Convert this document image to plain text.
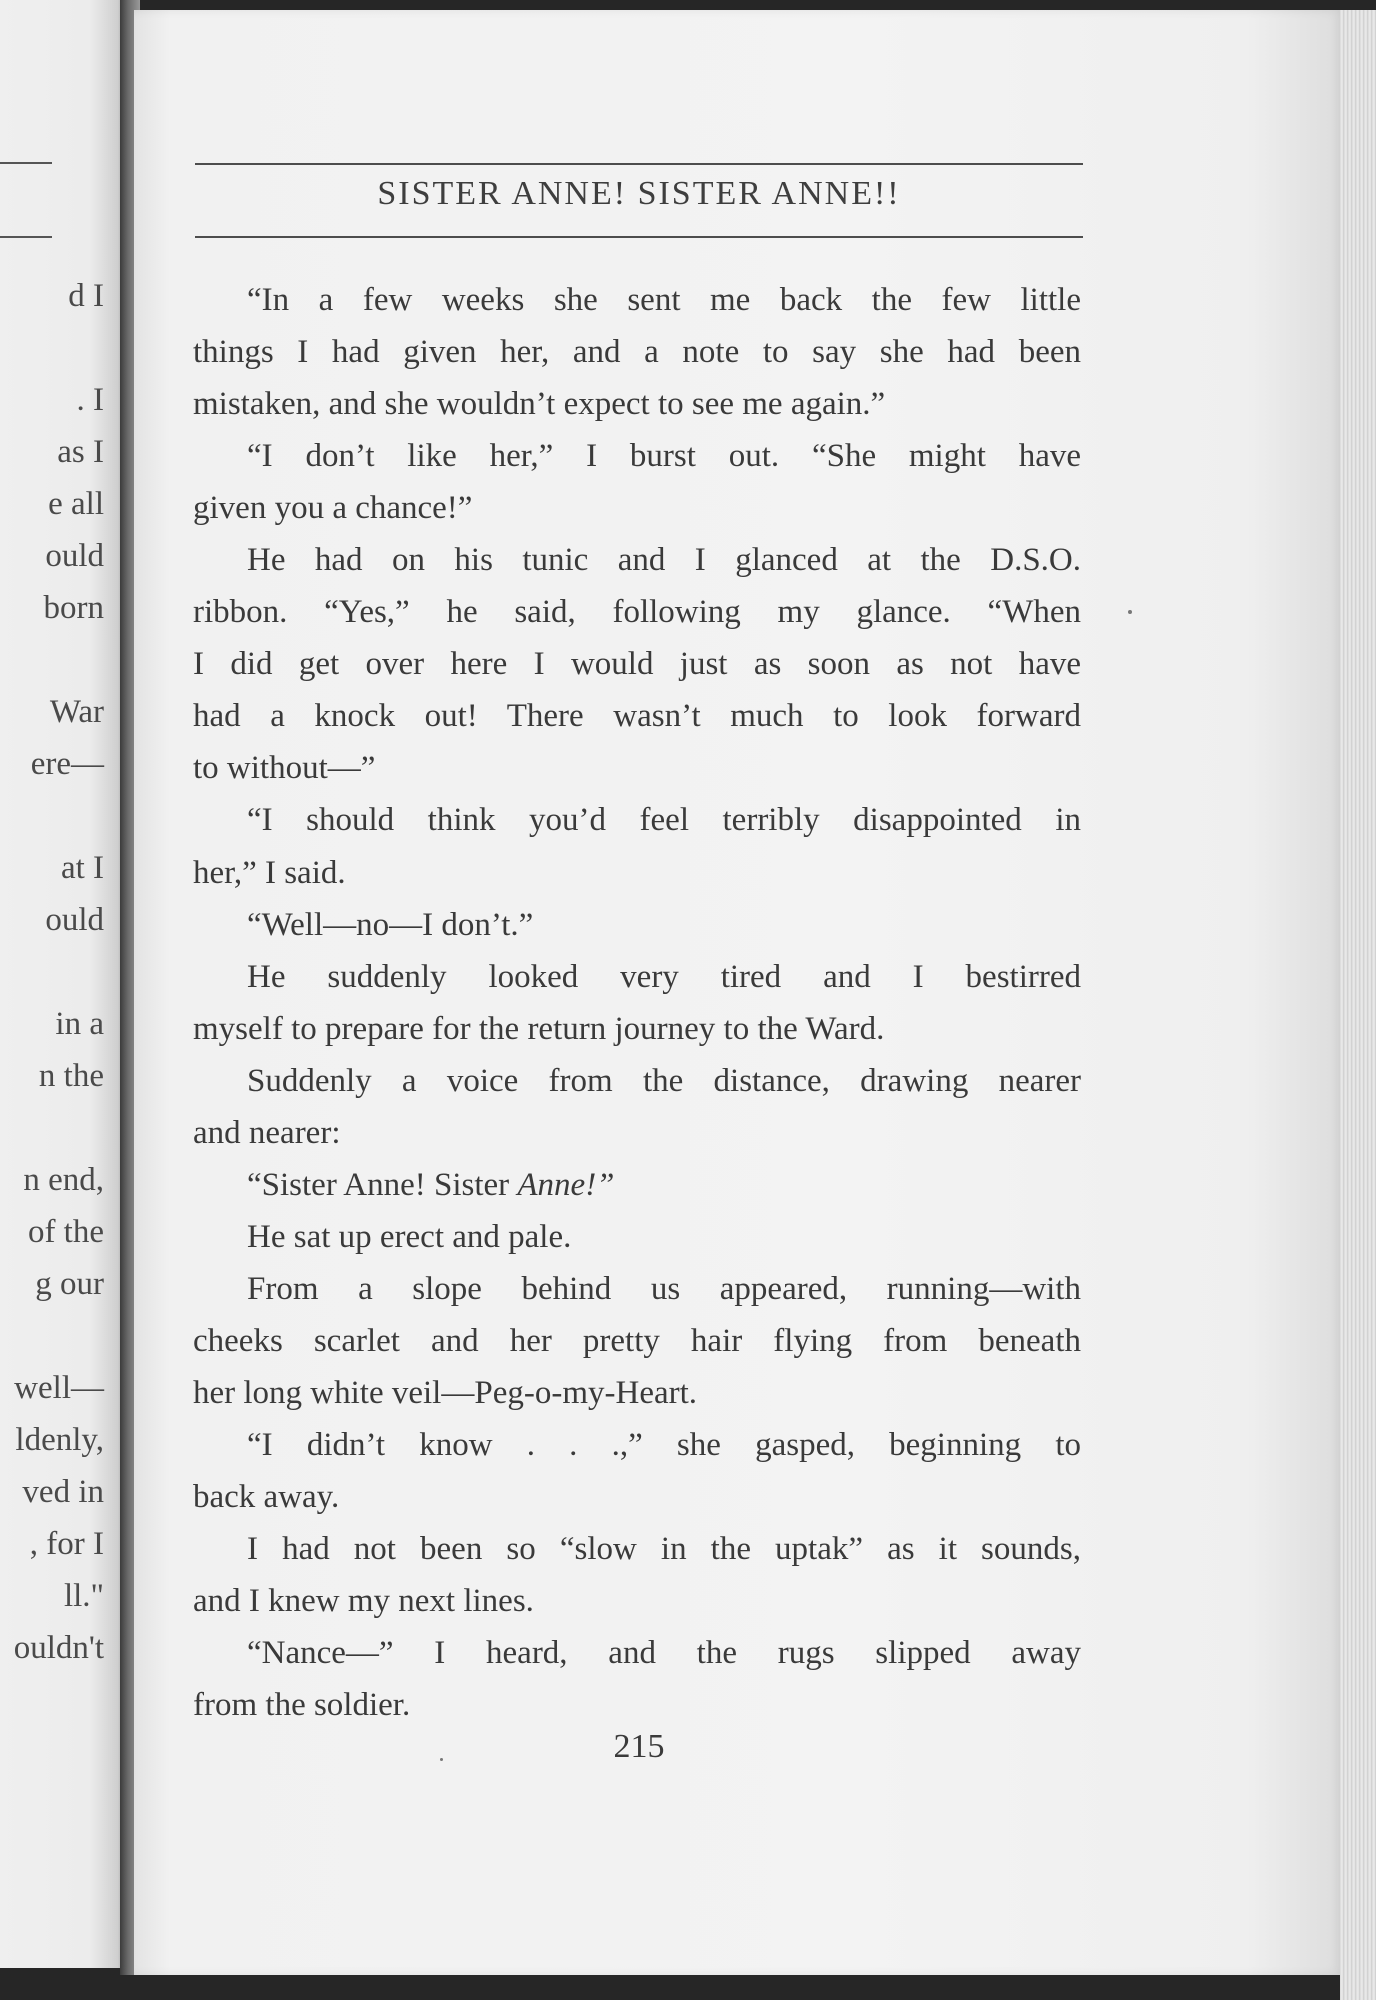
d I
. I
as I
e all
ould
born
War
ere—
at I
ould
in a
n the
n end,
of the
g our
well—
ldenly,
ved in
, for I
ll."
ouldn't
SISTER ANNE! SISTER ANNE!!
“In a few weeks she sent me back the few little
things I had given her, and a note to say she had been
mistaken, and she wouldn’t expect to see me again.”
“I don’t like her,” I burst out. “She might have
given you a chance!”
He had on his tunic and I glanced at the D.S.O.
ribbon. “Yes,” he said, following my glance. “When
I did get over here I would just as soon as not have
had a knock out! There wasn’t much to look forward
to without—”
“I should think you’d feel terribly disappointed in
her,” I said.
“Well—no—I don’t.”
He suddenly looked very tired and I bestirred
myself to prepare for the return journey to the Ward.
Suddenly a voice from the distance, drawing nearer
and nearer:
“Sister Anne! Sister Anne!”
He sat up erect and pale.
From a slope behind us appeared, running—with
cheeks scarlet and her pretty hair flying from beneath
her long white veil—Peg-o-my-Heart.
“I didn’t know . . .,” she gasped, beginning to
back away.
I had not been so “slow in the uptak” as it sounds,
and I knew my next lines.
“Nance—” I heard, and the rugs slipped away
from the soldier.
215
